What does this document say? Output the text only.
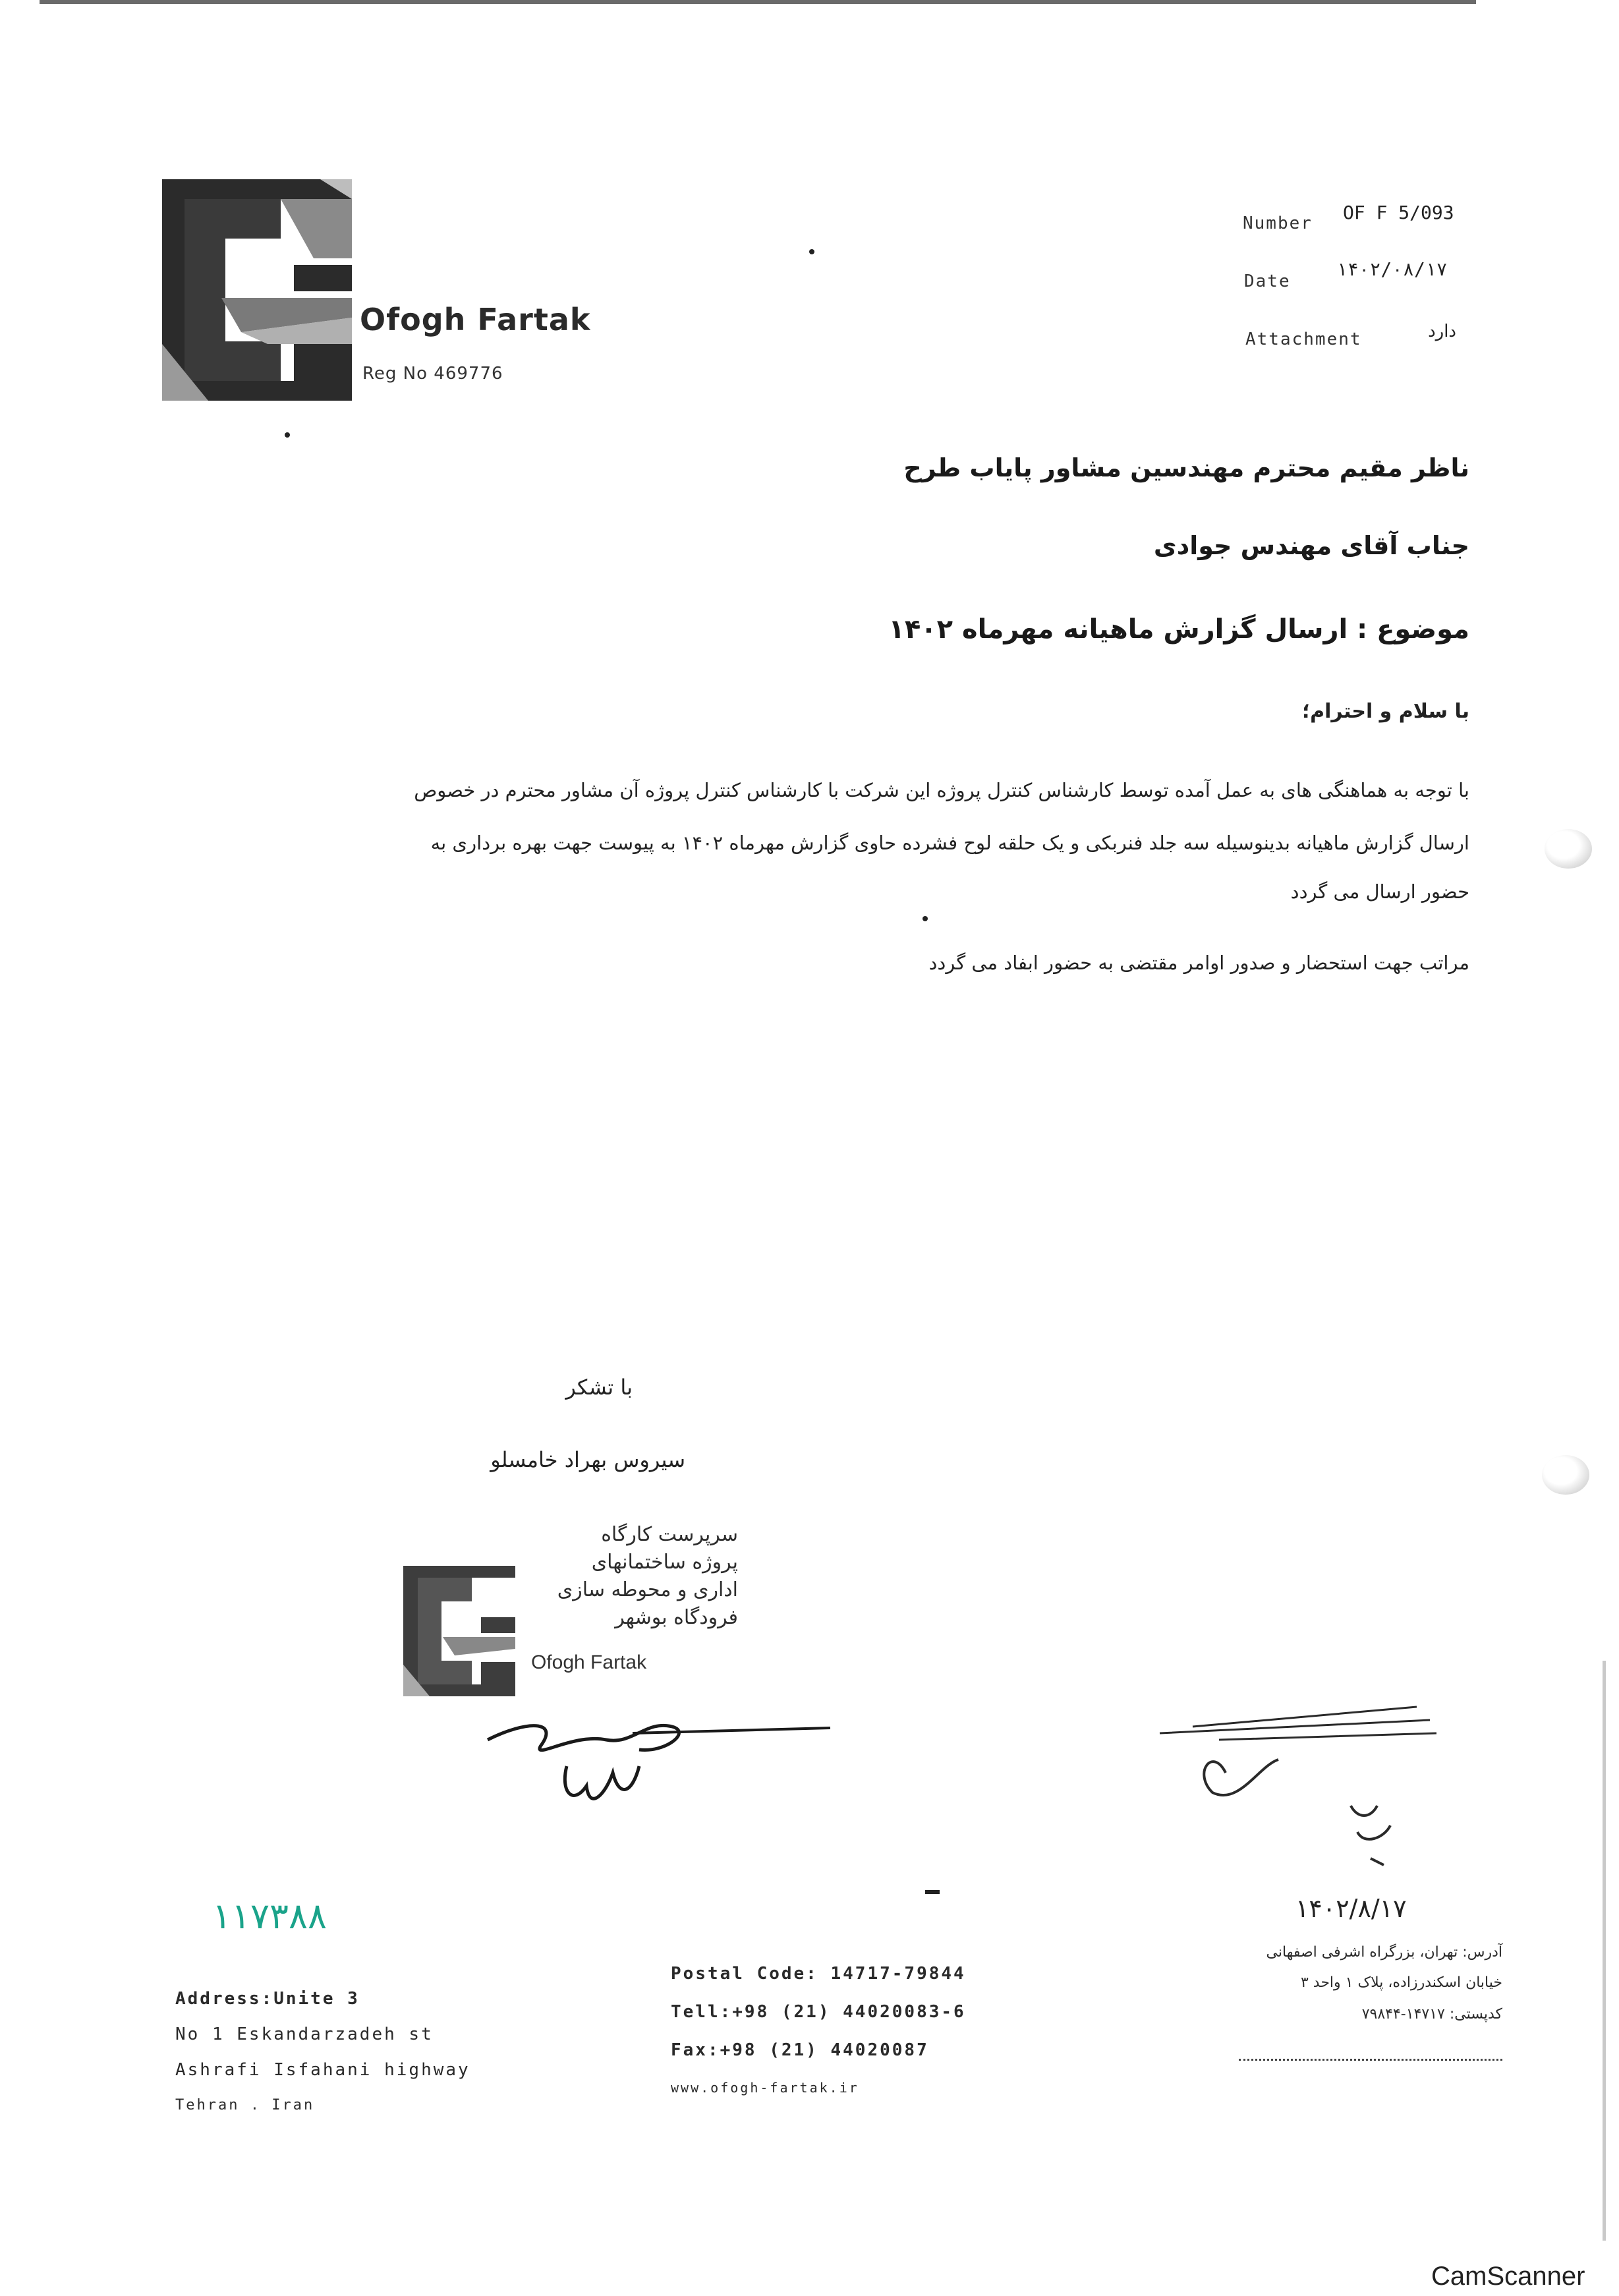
Ofogh Fartak
Reg No 469776
Number OF F 5/093
Date
۱۴۰۲/۰۸/۱۷
Attachment	دارد
ناظر مقیم محترم مهندسین مشاور پایاب طرح
جناب آقای مهندس جوادی
موضوع : ارسال گزارش ماهیانه مهرماه ۱۴۰۲
با سلام و احترام؛
با توجه به هماهنگی های به عمل آمده توسط کارشناس کنترل پروژه این شرکت با کارشناس کنترل پروژه آن مشاور محترم در خصوص
ارسال گزارش ماهیانه بدینوسیله سه جلد فنربکی و یک حلقه لوح فشرده حاوی گزارش مهرماه ۱۴۰۲ به پیوست جهت بهره برداری به
حضور ارسال می گردد
مراتب جهت استحضار و صدور اوامر مقتضی به حضور ابفاد می گردد
با تشکر
سیروس بهراد خامسلو
سرپرست کارگاه
پروژه ساختمانهای
اداری و محوطه سازی
فرودگاه بوشهر
Ofogh Fartak
۱۴۰۲/۸/۱۷
۱۱۷۳۸۸
Address:Unite 3
No 1 Eskandarzadeh st
Ashrafi Isfahani highway
Tehran . Iran
Postal Code: 14717-79844
Tell:+98 (21) 44020083-6
Fax:+98 (21) 44020087
www.ofogh-fartak.ir
آدرس: تهران، بزرگراه اشرفی اصفهانی
خیابان اسکندرزاده، پلاک ۱ واحد ۳
کدپستی: ۱۴۷۱۷-۷۹۸۴۴
CamScanner
